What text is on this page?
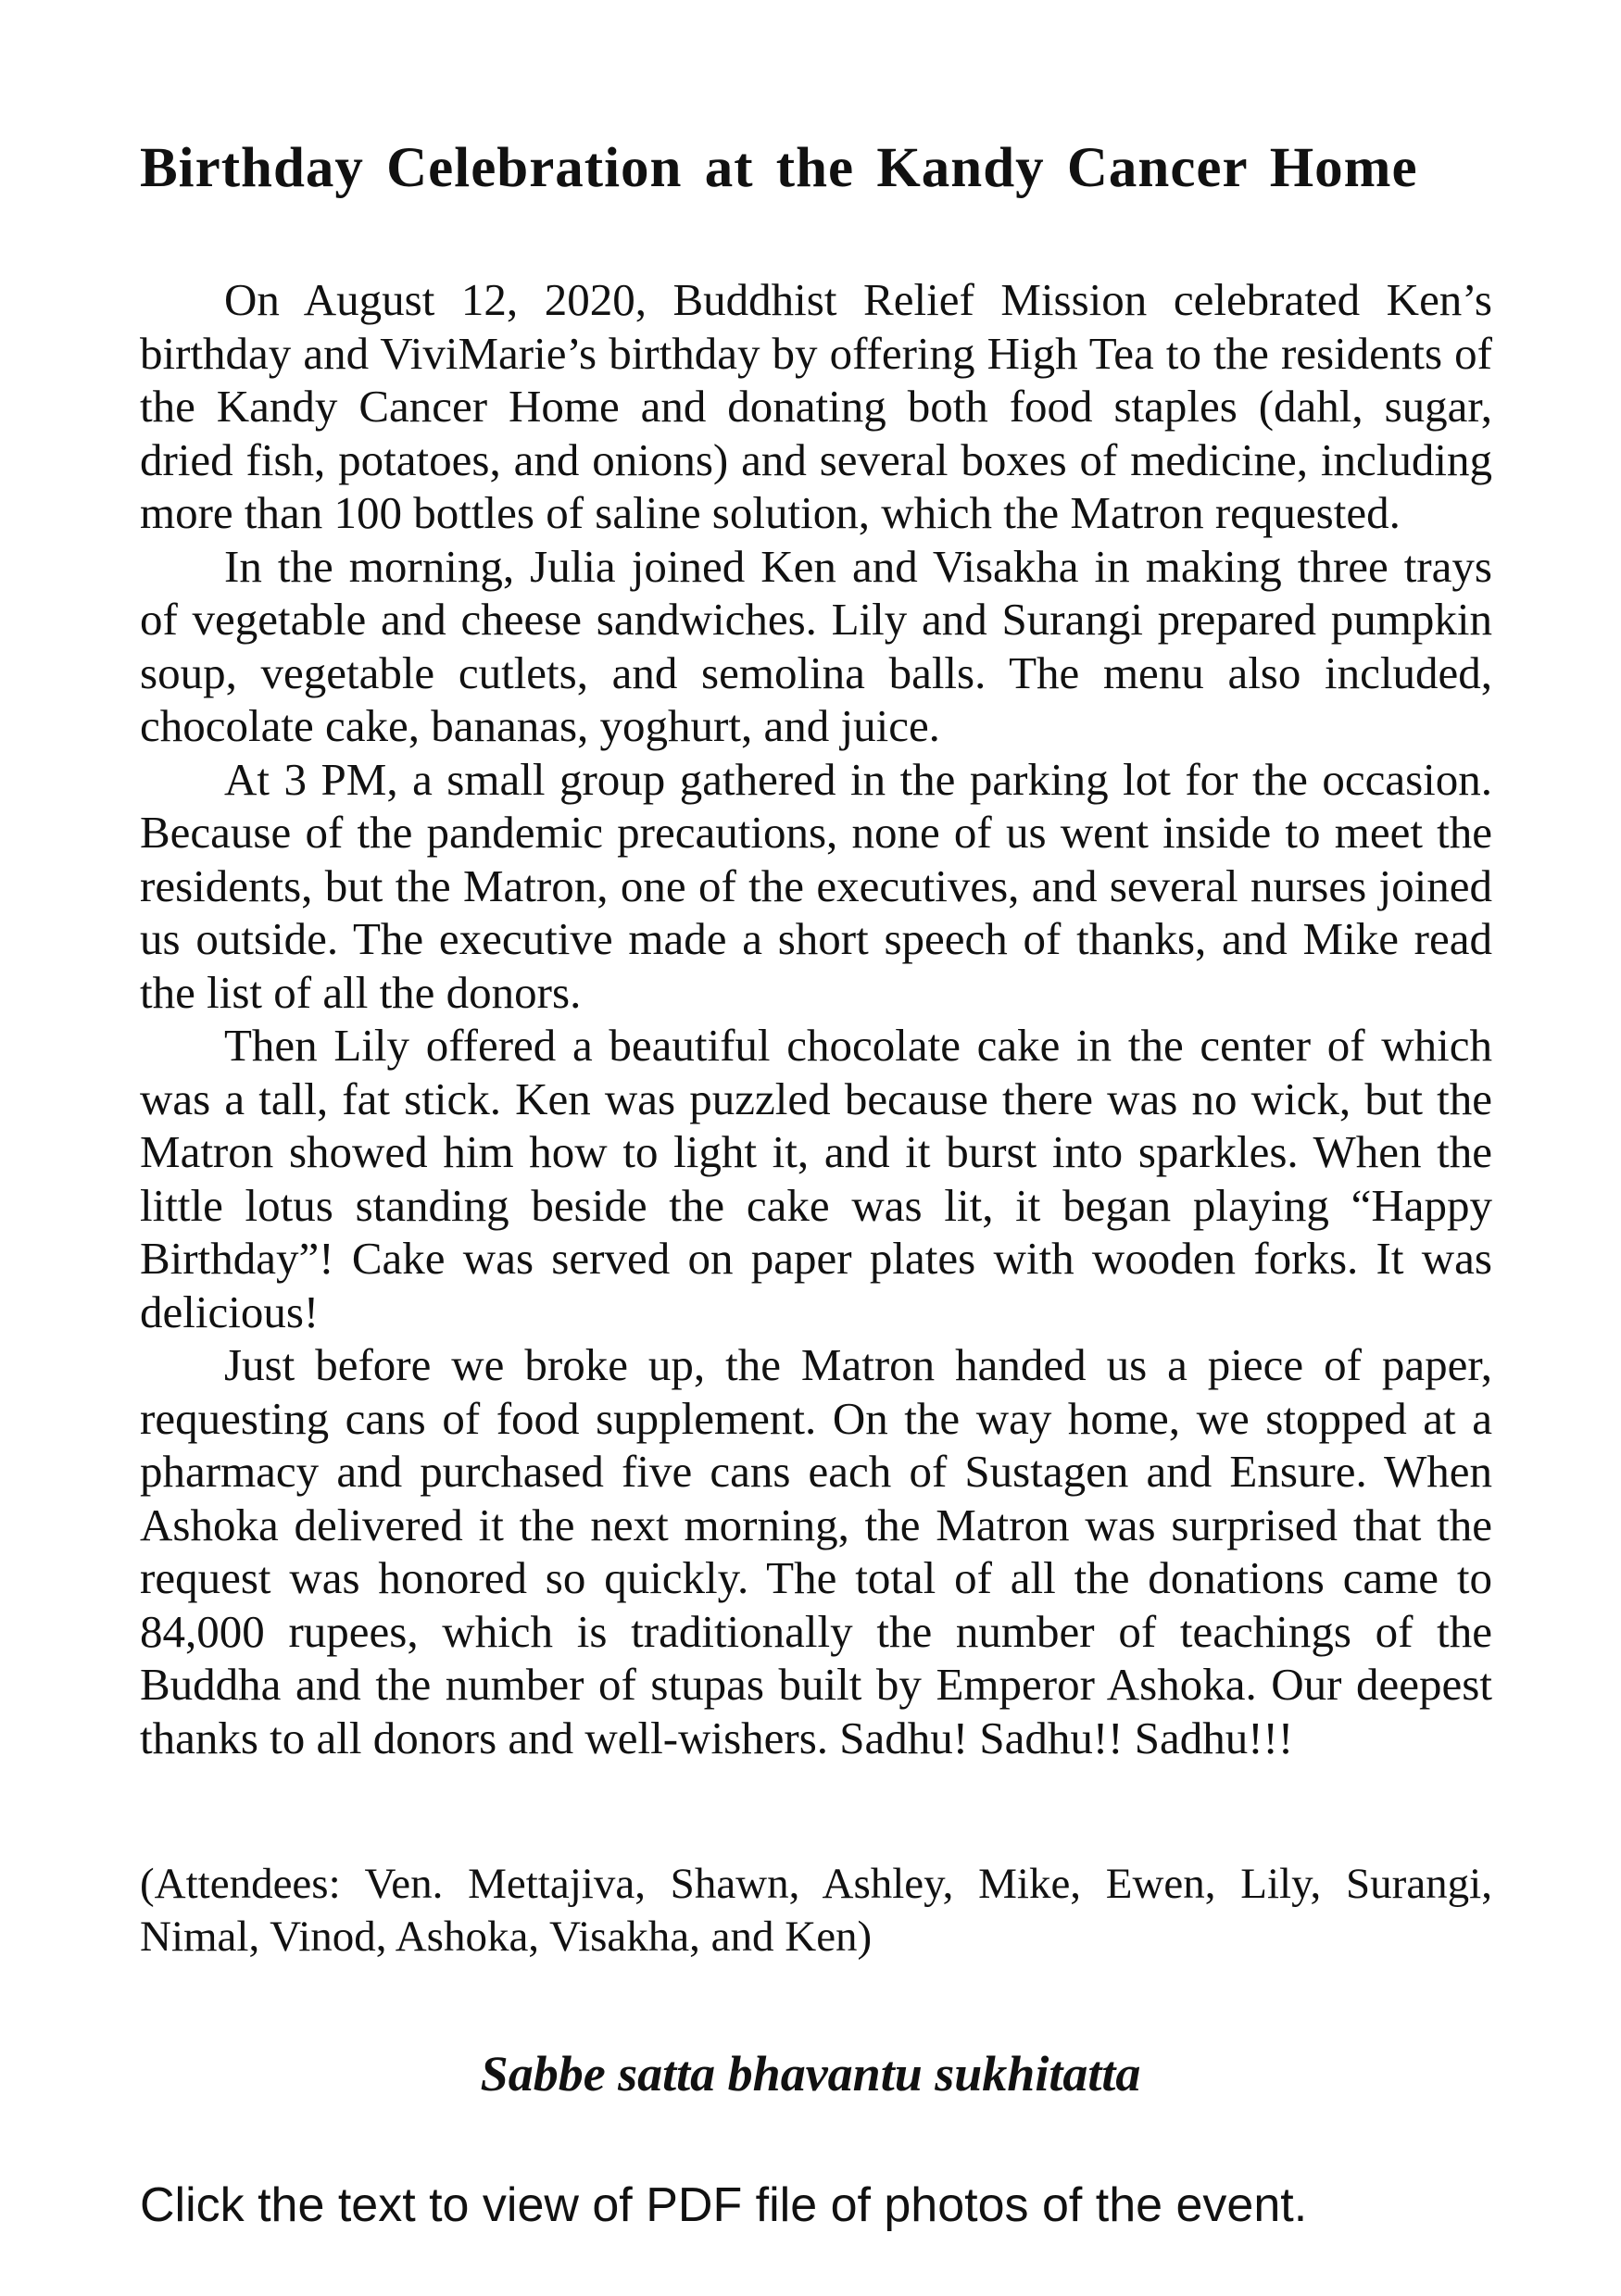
Birthday Celebration at the Kandy Cancer Home

On August 12, 2020, Buddhist Relief Mission celebrated Ken’s birthday and ViviMarie’s birthday by offering High Tea to the residents of the Kandy Cancer Home and donating both food staples (dahl, sugar, dried fish, potatoes, and onions) and several boxes of medicine, including more than 100 bottles of saline solution, which the Matron requested.

In the morning, Julia joined Ken and Visakha in making three trays of vegetable and cheese sandwiches. Lily and Surangi prepared pumpkin soup, vegetable cutlets, and semolina balls. The menu also included, chocolate cake, bananas, yoghurt, and juice.

At 3 PM, a small group gathered in the parking lot for the occasion. Because of the pandemic precautions, none of us went inside to meet the residents, but the Matron, one of the executives, and several nurses joined us outside. The executive made a short speech of thanks, and Mike read the list of all the donors.

Then Lily offered a beautiful chocolate cake in the center of which was a tall, fat stick. Ken was puzzled because there was no wick, but the Matron showed him how to light it, and it burst into sparkles. When the little lotus standing beside the cake was lit, it began playing “Happy Birthday”! Cake was served on paper plates with wooden forks. It was delicious!

Just before we broke up, the Matron handed us a piece of paper, requesting cans of food supplement. On the way home, we stopped at a pharmacy and purchased five cans each of Sustagen and Ensure. When Ashoka delivered it the next morning, the Matron was surprised that the request was honored so quickly. The total of all the donations came to 84,000 rupees, which is traditionally the number of teachings of the Buddha and the number of stupas built by Emperor Ashoka. Our deepest thanks to all donors and well-wishers. Sadhu! Sadhu!! Sadhu!!!

(Attendees: Ven. Mettajiva, Shawn, Ashley, Mike, Ewen, Lily, Surangi, Nimal, Vinod, Ashoka, Visakha, and Ken)

Sabbe satta bhavantu sukhitatta

Click the text to view of PDF file of photos of the event.
